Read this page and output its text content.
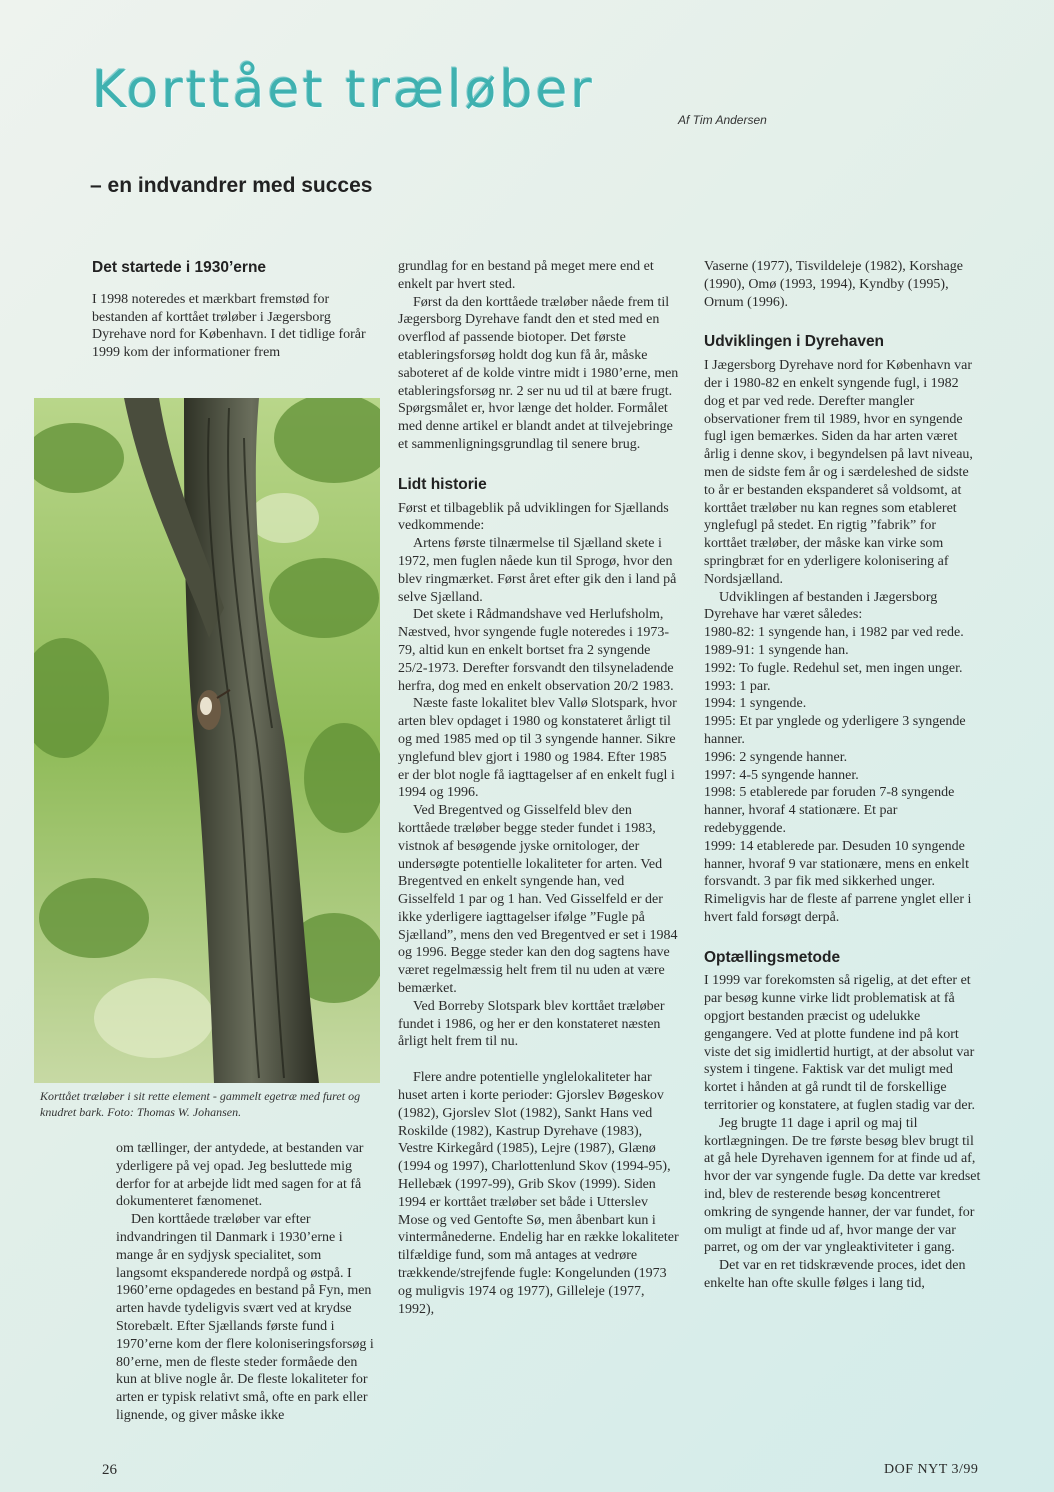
Korttået træløber	Af Tim Andersen
– en indvandrer med succes
Det startede i 1930’erne

I 1998 noteredes et mærkbart fremstød for bestanden af korttået trøløber i Jægersborg Dyrehave nord for København. I det tidlige forår 1999 kom der informationer frem

Korttået træløber i sit rette element - gammelt egetræ med furet og knudret bark. Foto: Thomas W. Johansen.

om tællinger, der antydede, at bestanden var yderligere på vej opad. Jeg besluttede mig derfor for at arbejde lidt med sagen for at få dokumenteret fænomenet.

Den korttåede træløber var efter indvandringen til Danmark i 1930’erne i mange år en sydjysk specialitet, som langsomt ekspanderede nordpå og østpå. I 1960’erne opdagedes en bestand på Fyn, men arten havde tydeligvis svært ved at krydse Storebælt. Efter Sjællands første fund i 1970’erne kom der flere koloniseringsforsøg i 80’erne, men de fleste steder formåede den kun at blive nogle år. De fleste lokaliteter for arten er typisk relativt små, ofte en park eller lignende, og giver måske ikke

grundlag for en bestand på meget mere end et enkelt par hvert sted.

Først da den korttåede træløber nåede frem til Jægersborg Dyrehave fandt den et sted med en overflod af passende biotoper. Det første etableringsforsøg holdt dog kun få år, måske saboteret af de kolde vintre midt i 1980’erne, men etableringsforsøg nr. 2 ser nu ud til at bære frugt. Spørgsmålet er, hvor længe det holder. Formålet med denne artikel er blandt andet at tilvejebringe et sammenligningsgrundlag til senere brug.

Lidt historie

Først et tilbageblik på udviklingen for Sjællands vedkommende:

Artens første tilnærmelse til Sjælland skete i 1972, men fuglen nåede kun til Sprogø, hvor den blev ringmærket. Først året efter gik den i land på selve Sjælland.

Det skete i Rådmandshave ved Herlufsholm, Næstved, hvor syngende fugle noteredes i 1973-79, altid kun en enkelt bortset fra 2 syngende 25/2-1973. Derefter forsvandt den tilsyneladende herfra, dog med en enkelt observation 20/2 1983.

Næste faste lokalitet blev Vallø Slotspark, hvor arten blev opdaget i 1980 og konstateret årligt til og med 1985 med op til 3 syngende hanner. Sikre ynglefund blev gjort i 1980 og 1984. Efter 1985 er der blot nogle få iagttagelser af en enkelt fugl i 1994 og 1996.

Ved Bregentved og Gisselfeld blev den korttåede træløber begge steder fundet i 1983, vistnok af besøgende jyske ornitologer, der undersøgte potentielle lokaliteter for arten. Ved Bregentved en enkelt syngende han, ved Gisselfeld 1 par og 1 han. Ved Gisselfeld er der ikke yderligere iagttagelser ifølge ”Fugle på Sjælland”, mens den ved Bregentved er set i 1984 og 1996. Begge steder kan den dog sagtens have været regelmæssig helt frem til nu uden at være bemærket.

Ved Borreby Slotspark blev korttået træløber fundet i 1986, og her er den konstateret næsten årligt helt frem til nu.

Flere andre potentielle ynglelokaliteter har huset arten i korte perioder: Gjorslev Bøgeskov (1982), Gjorslev Slot (1982), Sankt Hans ved Roskilde (1982), Kastrup Dyrehave (1983), Vestre Kirkegård (1985), Lejre (1987), Glænø (1994 og 1997), Charlottenlund Skov (1994-95), Hellebæk (1997-99), Grib Skov (1999). Siden 1994 er korttået træløber set både i Utterslev Mose og ved Gentofte Sø, men åbenbart kun i vintermånederne. Endelig har en række lokaliteter tilfældige fund, som må antages at vedrøre trækkende/strejfende fugle: Kongelunden (1973 og muligvis 1974 og 1977), Gilleleje (1977, 1992),

Vaserne (1977), Tisvildeleje (1982), Korshage (1990), Omø (1993, 1994), Kyndby (1995), Ornum (1996).

Udviklingen i Dyrehaven

I Jægersborg Dyrehave nord for København var der i 1980-82 en enkelt syngende fugl, i 1982 dog et par ved rede. Derefter mangler observationer frem til 1989, hvor en syngende fugl igen bemærkes. Siden da har arten været årlig i denne skov, i begyndelsen på lavt niveau, men de sidste fem år og i særdeleshed de sidste to år er bestanden ekspanderet så voldsomt, at korttået træløber nu kan regnes som etableret ynglefugl på stedet. En rigtig ”fabrik” for korttået træløber, der måske kan virke som springbræt for en yderligere kolonisering af Nordsjælland.

Udviklingen af bestanden i Jægersborg Dyrehave har været således:

1980-82: 1 syngende han, i 1982 par ved rede.

1989-91: 1 syngende han.

1992: To fugle. Redehul set, men ingen unger.

1993: 1 par.

1994: 1 syngende.

1995: Et par ynglede og yderligere 3 syngende hanner.

1996: 2 syngende hanner.

1997: 4-5 syngende hanner.

1998: 5 etablerede par foruden 7-8 syngende hanner, hvoraf 4 stationære. Et par redebyggende.

1999: 14 etablerede par. Desuden 10 syngende hanner, hvoraf 9 var stationære, mens en enkelt forsvandt. 3 par fik med sikkerhed unger. Rimeligvis har de fleste af parrene ynglet eller i hvert fald forsøgt derpå.

Optællingsmetode

I 1999 var forekomsten så rigelig, at det efter et par besøg kunne virke lidt problematisk at få opgjort bestanden præcist og udelukke gengangere. Ved at plotte fundene ind på kort viste det sig imidlertid hurtigt, at der absolut var system i tingene. Faktisk var det muligt med kortet i hånden at gå rundt til de forskellige territorier og konstatere, at fuglen stadig var der.

Jeg brugte 11 dage i april og maj til kortlægningen. De tre første besøg blev brugt til at gå hele Dyrehaven igennem for at finde ud af, hvor der var syngende fugle. Da dette var kredset ind, blev de resterende besøg koncentreret omkring de syngende hanner, der var fundet, for om muligt at finde ud af, hvor mange der var parret, og om der var yngleaktiviteter i gang.

Det var en ret tidskrævende proces, idet den enkelte han ofte skulle følges i lang tid,

26	DOF NYT 3/99
